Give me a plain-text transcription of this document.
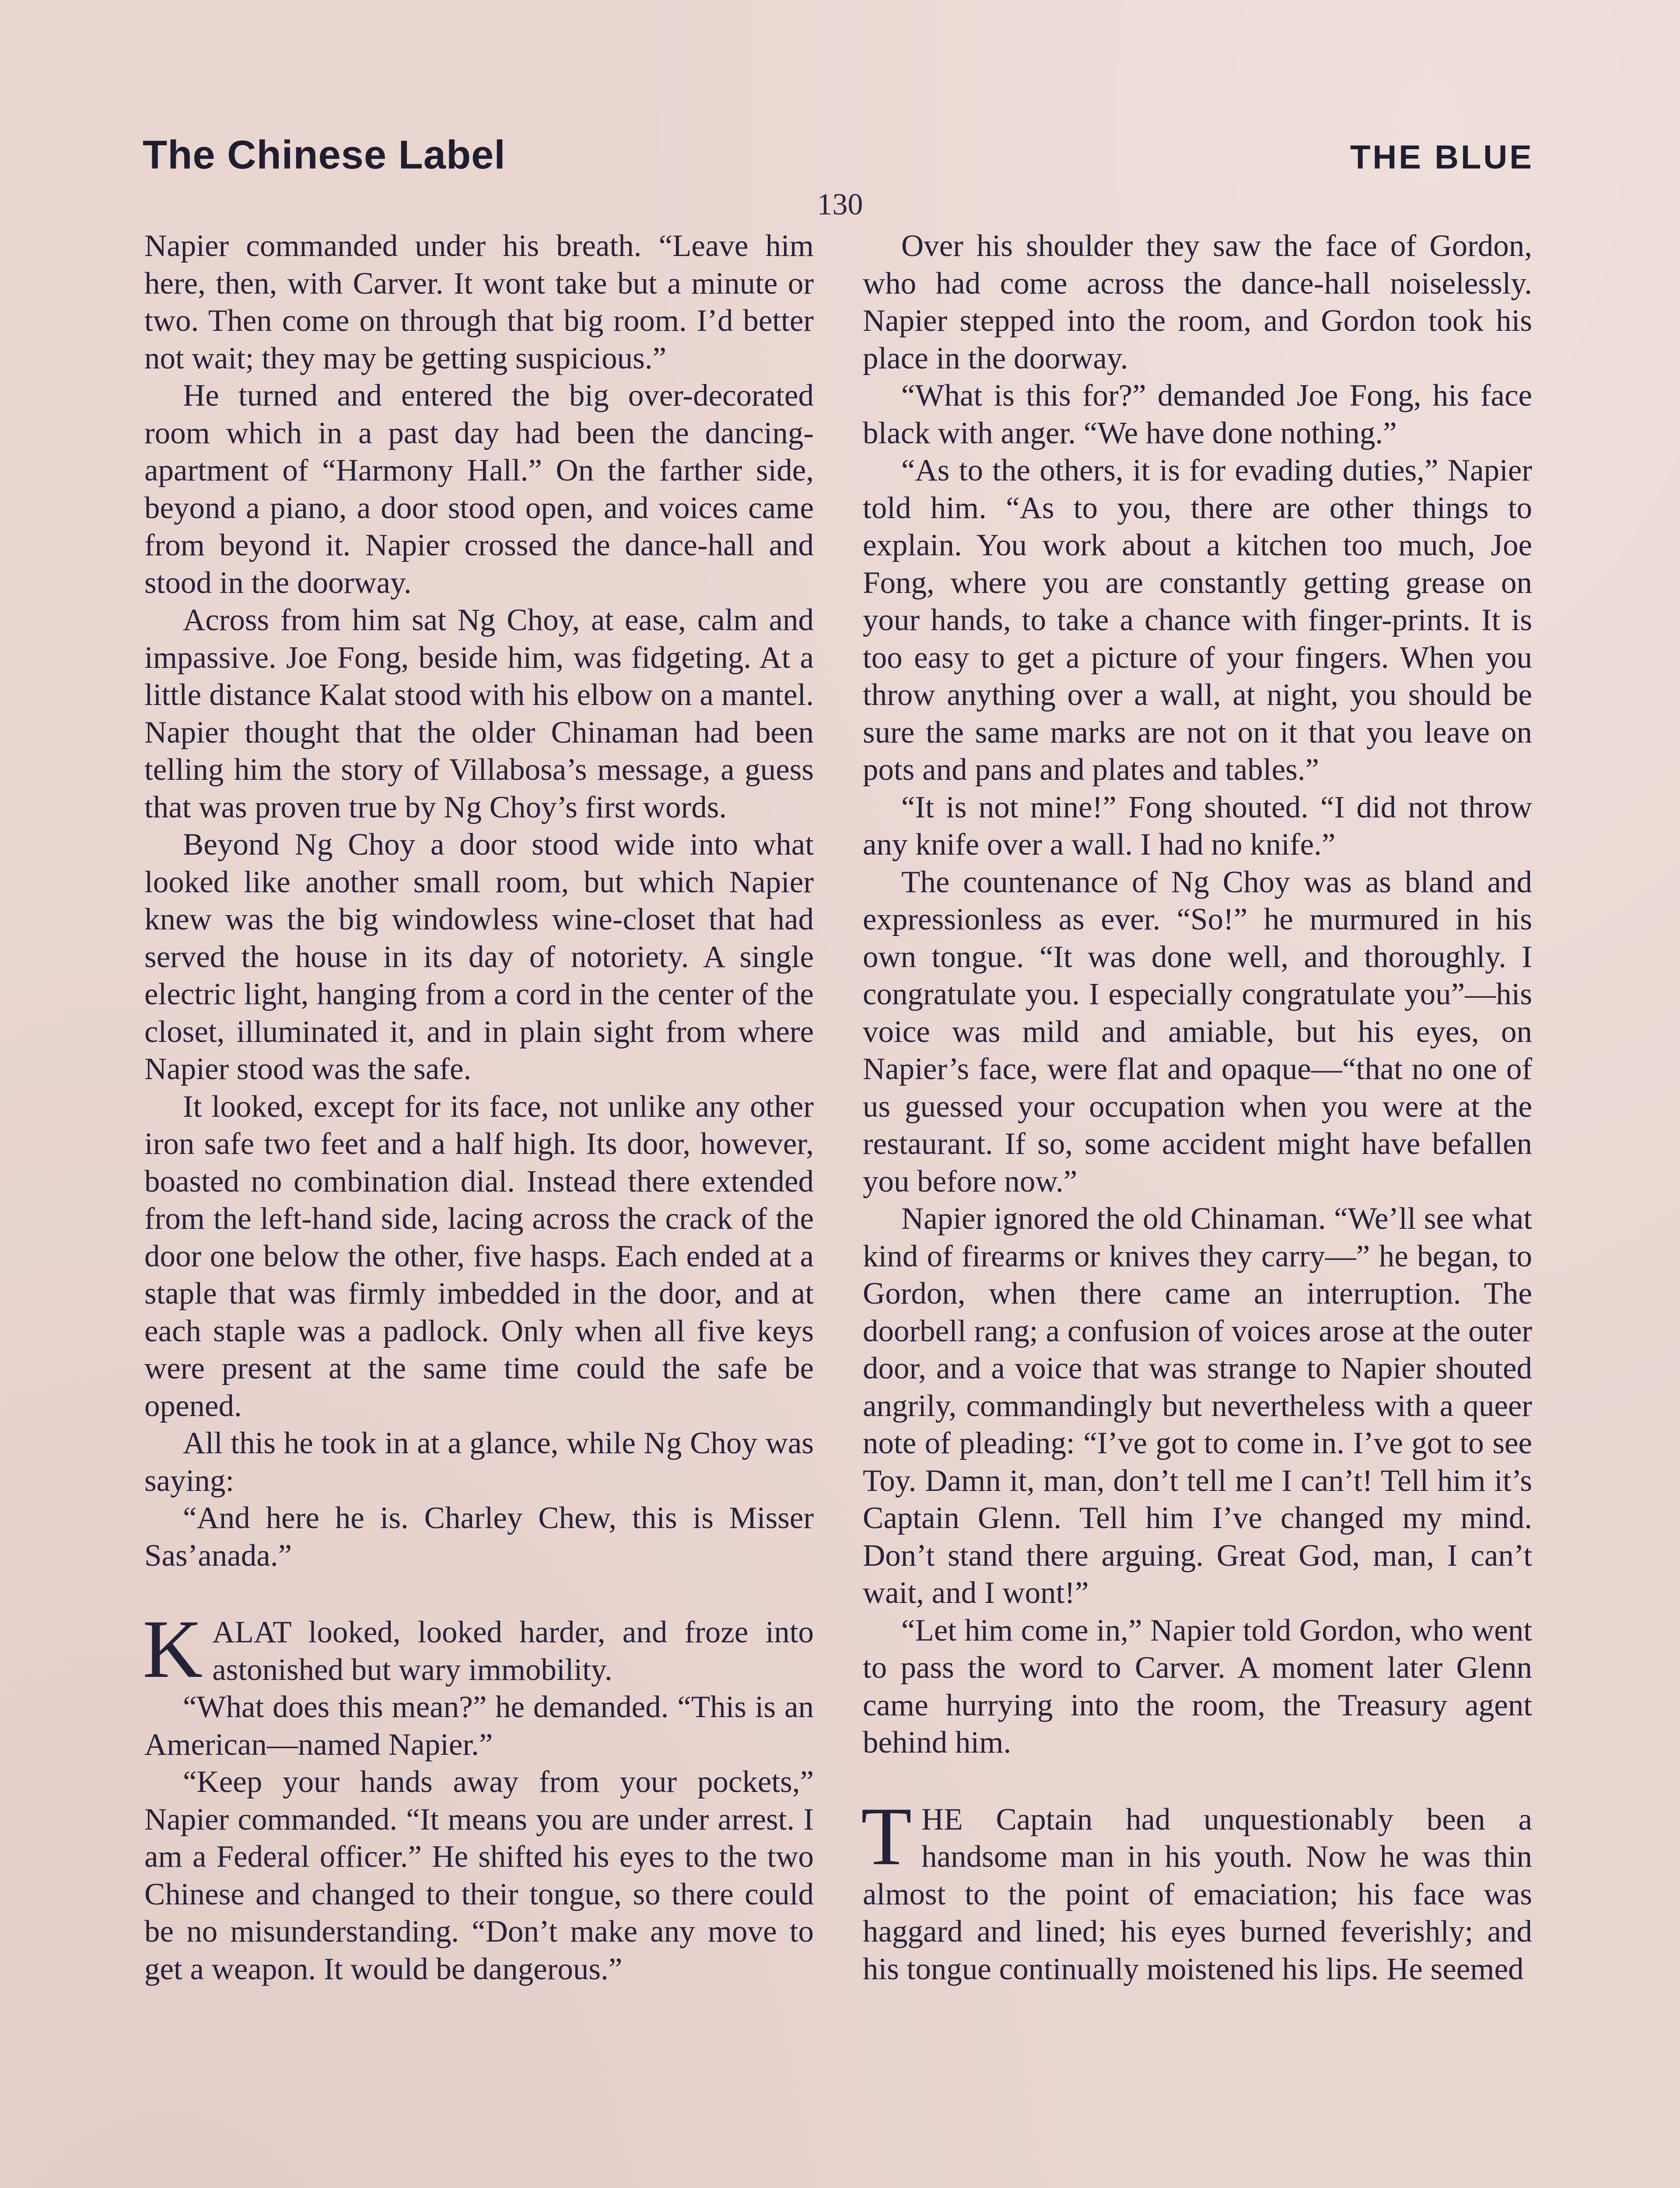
The Chinese Label	THE BLUE
130

Napier commanded under his breath. “Leave him here, then, with Carver. It wont take but a minute or two. Then come on through that big room. I’d better not wait; they may be getting suspicious.”

He turned and entered the big over-decorated room which in a past day had been the dancing-apartment of “Harmony Hall.” On the farther side, beyond a piano, a door stood open, and voices came from beyond it. Napier crossed the dance-hall and stood in the doorway.

Across from him sat Ng Choy, at ease, calm and impassive. Joe Fong, beside him, was fidgeting. At a little distance Kalat stood with his elbow on a mantel. Napier thought that the older Chinaman had been telling him the story of Villabosa’s message, a guess that was proven true by Ng Choy’s first words.

Beyond Ng Choy a door stood wide into what looked like another small room, but which Napier knew was the big windowless wine-closet that had served the house in its day of notoriety. A single electric light, hanging from a cord in the center of the closet, illuminated it, and in plain sight from where Napier stood was the safe.

It looked, except for its face, not unlike any other iron safe two feet and a half high. Its door, however, boasted no combination dial. Instead there extended from the left-hand side, lacing across the crack of the door one below the other, five hasps. Each ended at a staple that was firmly imbedded in the door, and at each staple was a padlock. Only when all five keys were present at the same time could the safe be opened.

All this he took in at a glance, while Ng Choy was saying:

“And here he is. Charley Chew, this is Misser Sas’anada.”

KALAT looked, looked harder, and froze into astonished but wary immobility.

“What does this mean?” he demanded. “This is an American—named Napier.”

“Keep your hands away from your pockets,” Napier commanded. “It means you are under arrest. I am a Federal officer.” He shifted his eyes to the two Chinese and changed to their tongue, so there could be no misunderstanding. “Don’t make any move to get a weapon. It would be dangerous.”

Over his shoulder they saw the face of Gordon, who had come across the dance-hall noiselessly. Napier stepped into the room, and Gordon took his place in the doorway.

“What is this for?” demanded Joe Fong, his face black with anger. “We have done nothing.”

“As to the others, it is for evading duties,” Napier told him. “As to you, there are other things to explain. You work about a kitchen too much, Joe Fong, where you are constantly getting grease on your hands, to take a chance with finger-prints. It is too easy to get a picture of your fingers. When you throw anything over a wall, at night, you should be sure the same marks are not on it that you leave on pots and pans and plates and tables.”

“It is not mine!” Fong shouted. “I did not throw any knife over a wall. I had no knife.”

The countenance of Ng Choy was as bland and expressionless as ever. “So!” he murmured in his own tongue. “It was done well, and thoroughly. I congratulate you. I especially congratulate you”—his voice was mild and amiable, but his eyes, on Napier’s face, were flat and opaque—“that no one of us guessed your occupation when you were at the restaurant. If so, some accident might have befallen you before now.”

Napier ignored the old Chinaman. “We’ll see what kind of firearms or knives they carry—” he began, to Gordon, when there came an interruption. The doorbell rang; a confusion of voices arose at the outer door, and a voice that was strange to Napier shouted angrily, commandingly but nevertheless with a queer note of pleading: “I’ve got to come in. I’ve got to see Toy. Damn it, man, don’t tell me I can’t! Tell him it’s Captain Glenn. Tell him I’ve changed my mind. Don’t stand there arguing. Great God, man, I can’t wait, and I wont!”

“Let him come in,” Napier told Gordon, who went to pass the word to Carver. A moment later Glenn came hurrying into the room, the Treasury agent behind him.

THE Captain had unquestionably been a handsome man in his youth. Now he was thin almost to the point of emaciation; his face was haggard and lined; his eyes burned feverishly; and his tongue continually moistened his lips. He seemed
